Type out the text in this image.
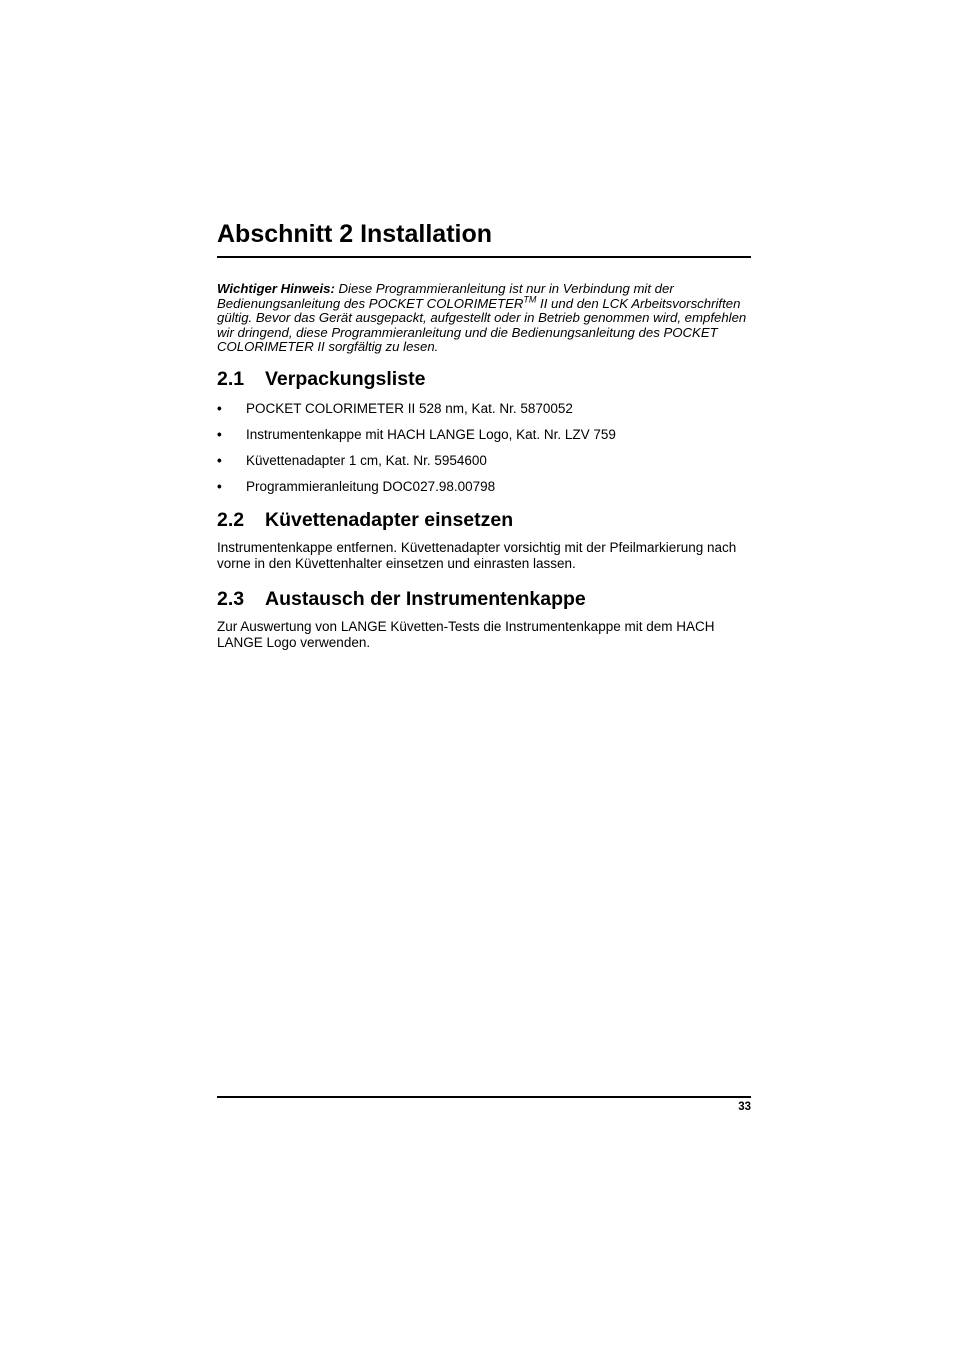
Abschnitt 2 Installation

Wichtiger Hinweis: Diese Programmieranleitung ist nur in Verbindung mit der Bedienungsanleitung des POCKET COLORIMETER™ II und den LCK Arbeitsvorschriften gültig. Bevor das Gerät ausgepackt, aufgestellt oder in Betrieb genommen wird, empfehlen wir dringend, diese Programmieranleitung und die Bedienungsanleitung des POCKET COLORIMETER II sorgfältig zu lesen.

2.1 Verpackungsliste
• POCKET COLORIMETER II 528 nm, Kat. Nr. 5870052
• Instrumentenkappe mit HACH LANGE Logo, Kat. Nr. LZV 759
• Küvettenadapter 1 cm, Kat. Nr. 5954600
• Programmieranleitung DOC027.98.00798
2.2 Küvettenadapter einsetzen

Instrumentenkappe entfernen. Küvettenadapter vorsichtig mit der Pfeilmarkierung nach vorne in den Küvettenhalter einsetzen und einrasten lassen.

2.3 Austausch der Instrumentenkappe

Zur Auswertung von LANGE Küvetten-Tests die Instrumentenkappe mit dem HACH LANGE Logo verwenden.

33
